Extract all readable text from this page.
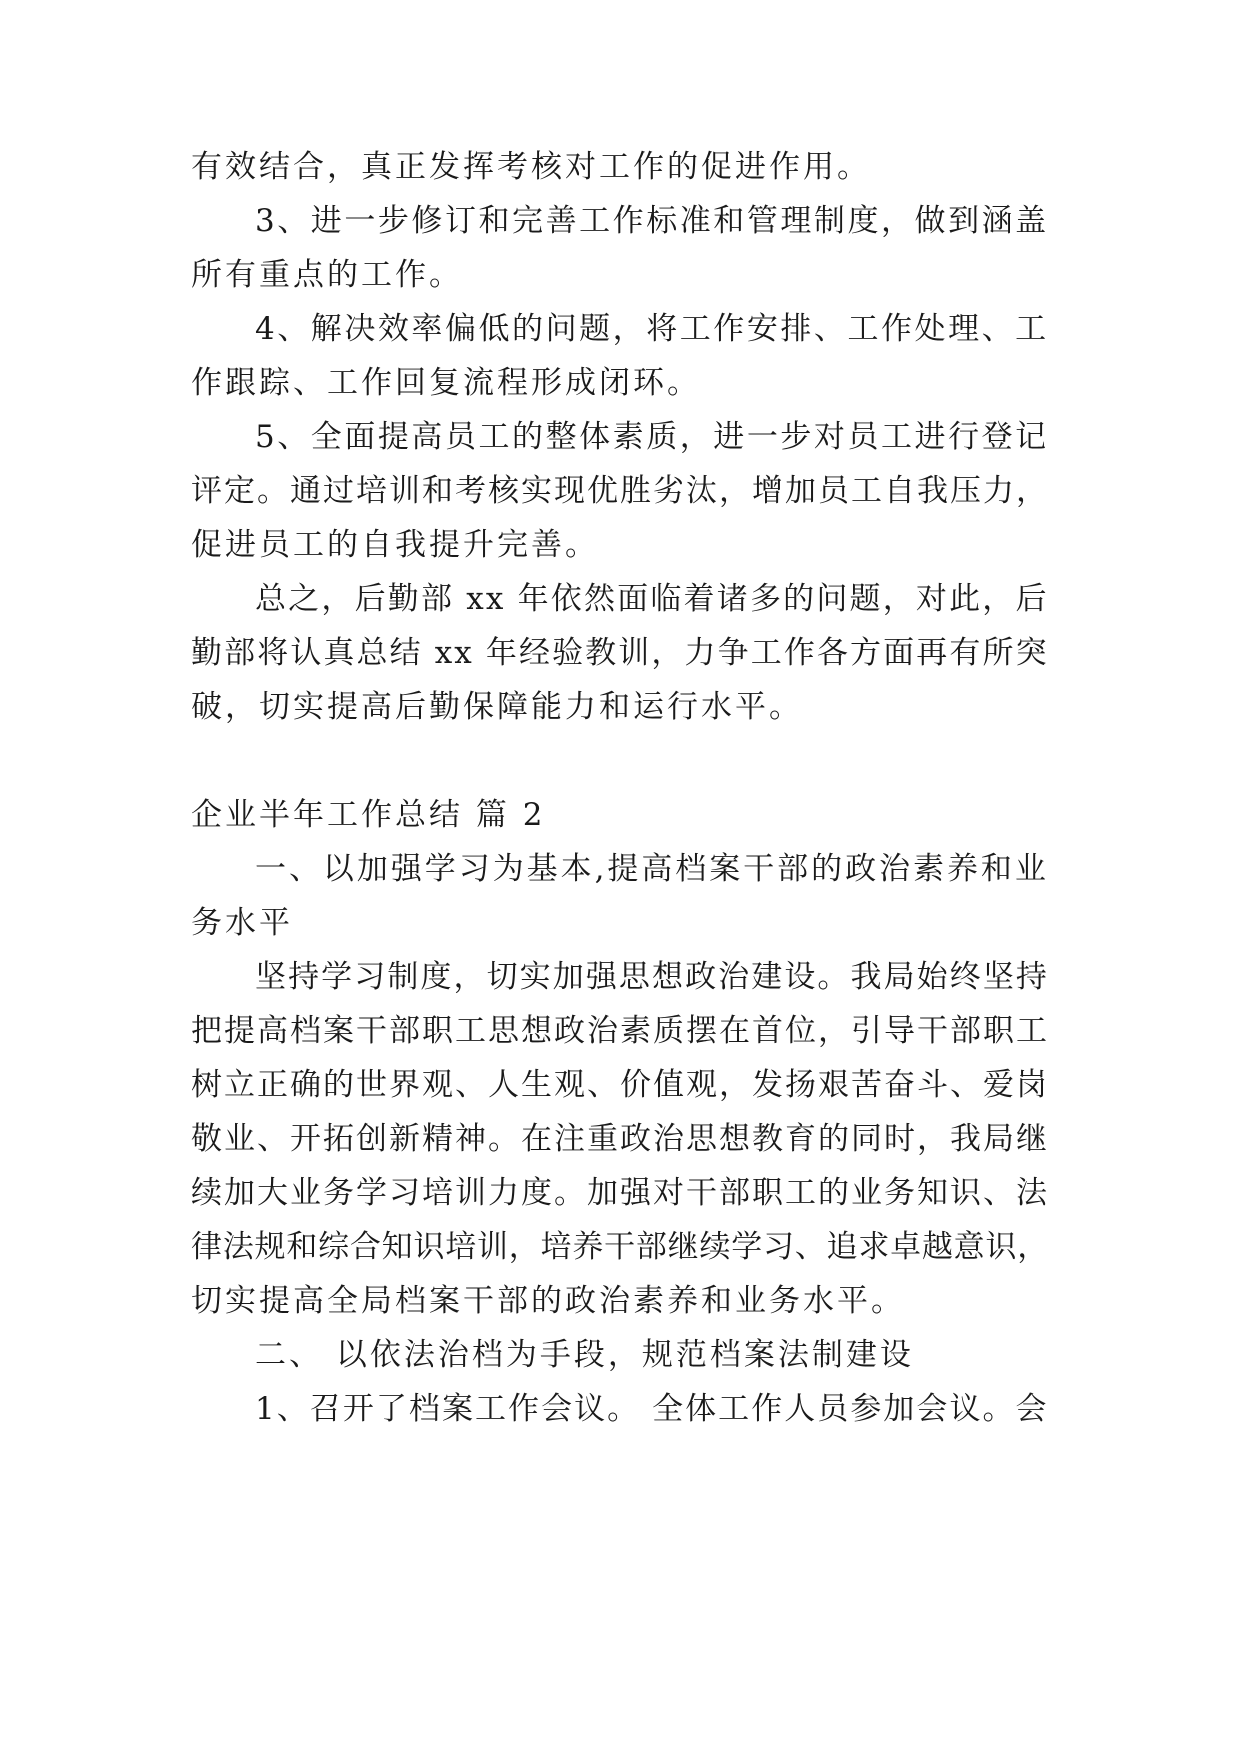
有效结合，真正发挥考核对工作的促进作用。
3、进一步修订和完善工作标准和管理制度，做到涵盖
所有重点的工作。
4、解决效率偏低的问题，将工作安排、工作处理、工
作跟踪、工作回复流程形成闭环。
5、全面提高员工的整体素质，进一步对员工进行登记
评定。通过培训和考核实现优胜劣汰，增加员工自我压力，
促进员工的自我提升完善。
总之，后勤部 xx 年依然面临着诸多的问题，对此，后
勤部将认真总结 xx 年经验教训，力争工作各方面再有所突
破，切实提高后勤保障能力和运行水平。
企业半年工作总结 篇 2
一、以加强学习为基本,提高档案干部的政治素养和业
务水平
坚持学习制度，切实加强思想政治建设。我局始终坚持
把提高档案干部职工思想政治素质摆在首位，引导干部职工
树立正确的世界观、人生观、价值观，发扬艰苦奋斗、爱岗
敬业、开拓创新精神。在注重政治思想教育的同时，我局继
续加大业务学习培训力度。加强对干部职工的业务知识、法
律法规和综合知识培训，培养干部继续学习、追求卓越意识，
切实提高全局档案干部的政治素养和业务水平。
二、 以依法治档为手段，规范档案法制建设
1、召开了档案工作会议。 全体工作人员参加会议。会
